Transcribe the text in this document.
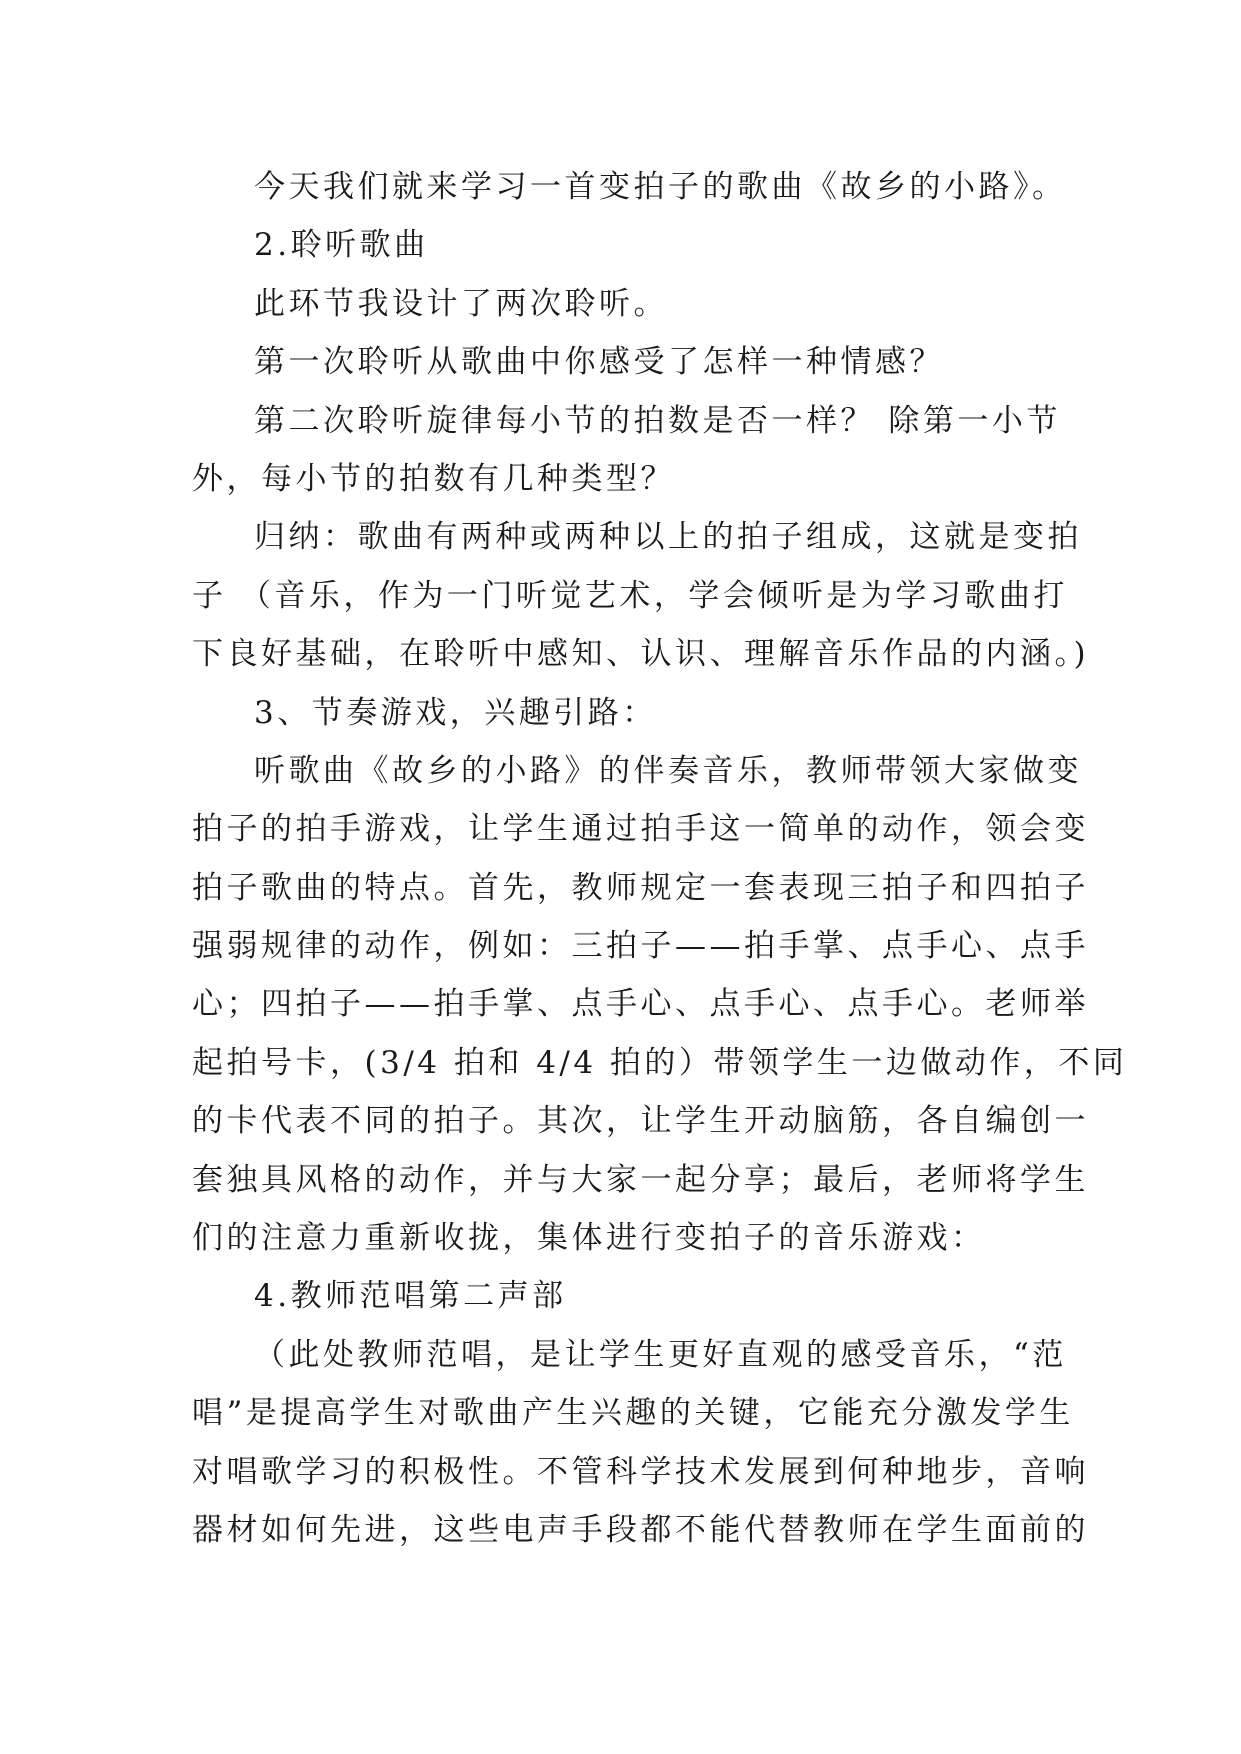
今天我们就来学习一首变拍子的歌曲《故乡的小路》。
2.聆听歌曲
此环节我设计了两次聆听。
第一次聆听从歌曲中你感受了怎样一种情感？
第二次聆听旋律每小节的拍数是否一样？ 除第一小节
外，每小节的拍数有几种类型？
归纳：歌曲有两种或两种以上的拍子组成，这就是变拍
子 （音乐，作为一门听觉艺术，学会倾听是为学习歌曲打
下良好基础，在聆听中感知、认识、理解音乐作品的内涵。)
3、节奏游戏，兴趣引路：
听歌曲《故乡的小路》的伴奏音乐，教师带领大家做变
拍子的拍手游戏，让学生通过拍手这一简单的动作，领会变
拍子歌曲的特点。首先，教师规定一套表现三拍子和四拍子
强弱规律的动作，例如：三拍子——拍手掌、点手心、点手
心；四拍子——拍手掌、点手心、点手心、点手心。老师举
起拍号卡，(3/4 拍和 4/4 拍的）带领学生一边做动作，不同
的卡代表不同的拍子。其次，让学生开动脑筋，各自编创一
套独具风格的动作，并与大家一起分享；最后，老师将学生
们的注意力重新收拢，集体进行变拍子的音乐游戏：
4.教师范唱第二声部
（此处教师范唱，是让学生更好直观的感受音乐，“范
唱”是提高学生对歌曲产生兴趣的关键，它能充分激发学生
对唱歌学习的积极性。不管科学技术发展到何种地步，音响
器材如何先进，这些电声手段都不能代替教师在学生面前的
